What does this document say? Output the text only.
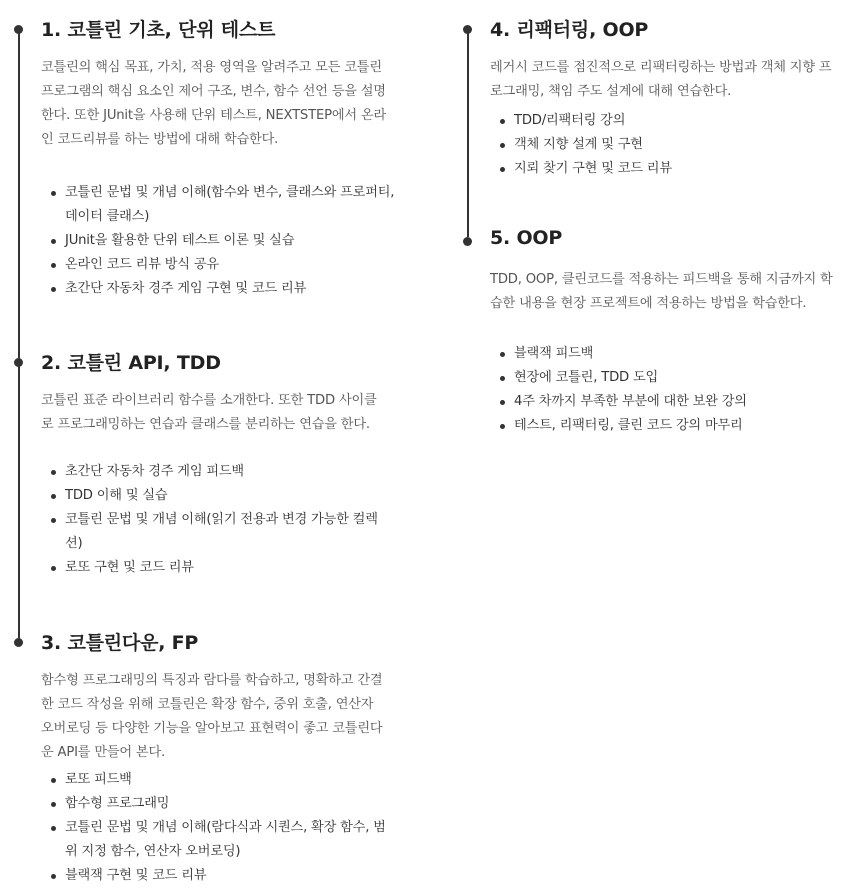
1. 코틀린 기초, 단위 테스트

코틀린의 핵심 목표, 가치, 적용 영역을 알려주고 모든 코틀린 프로그램의 핵심 요소인 제어 구조, 변수, 함수 선언 등을 설명한다. 또한 JUnit을 사용해 단위 테스트, NEXTSTEP에서 온라인 코드리뷰를 하는 방법에 대해 학습한다.

코틀린 문법 및 개념 이해(함수와 변수, 클래스와 프로퍼티, 데이터 클래스)
JUnit을 활용한 단위 테스트 이론 및 실습
온라인 코드 리뷰 방식 공유
초간단 자동차 경주 게임 구현 및 코드 리뷰
2. 코틀린 API, TDD

코틀린 표준 라이브러리 함수를 소개한다. 또한 TDD 사이클로 프로그래밍하는 연습과 클래스를 분리하는 연습을 한다.

초간단 자동차 경주 게임 피드백
TDD 이해 및 실습
코틀린 문법 및 개념 이해(읽기 전용과 변경 가능한 컬렉션)
로또 구현 및 코드 리뷰
3. 코틀린다운, FP

함수형 프로그래밍의 특징과 람다를 학습하고, 명확하고 간결한 코드 작성을 위해 코틀린은 확장 함수, 중위 호출, 연산자 오버로딩 등 다양한 기능을 알아보고 표현력이 좋고 코틀린다운 API를 만들어 본다.

로또 피드백
함수형 프로그래밍
코틀린 문법 및 개념 이해(람다식과 시퀀스, 확장 함수, 범위 지정 함수, 연산자 오버로딩)
블랙잭 구현 및 코드 리뷰
4. 리팩터링, OOP

레거시 코드를 점진적으로 리팩터링하는 방법과 객체 지향 프로그래밍, 책임 주도 설계에 대해 연습한다.

TDD/리팩터링 강의
객체 지향 설계 및 구현
지뢰 찾기 구현 및 코드 리뷰
5. OOP

TDD, OOP, 클린코드를 적용하는 피드백을 통해 지금까지 학습한 내용을 현장 프로젝트에 적용하는 방법을 학습한다.

블랙잭 피드백
현장에 코틀린, TDD 도입
4주 차까지 부족한 부분에 대한 보완 강의
테스트, 리팩터링, 클린 코드 강의 마무리
